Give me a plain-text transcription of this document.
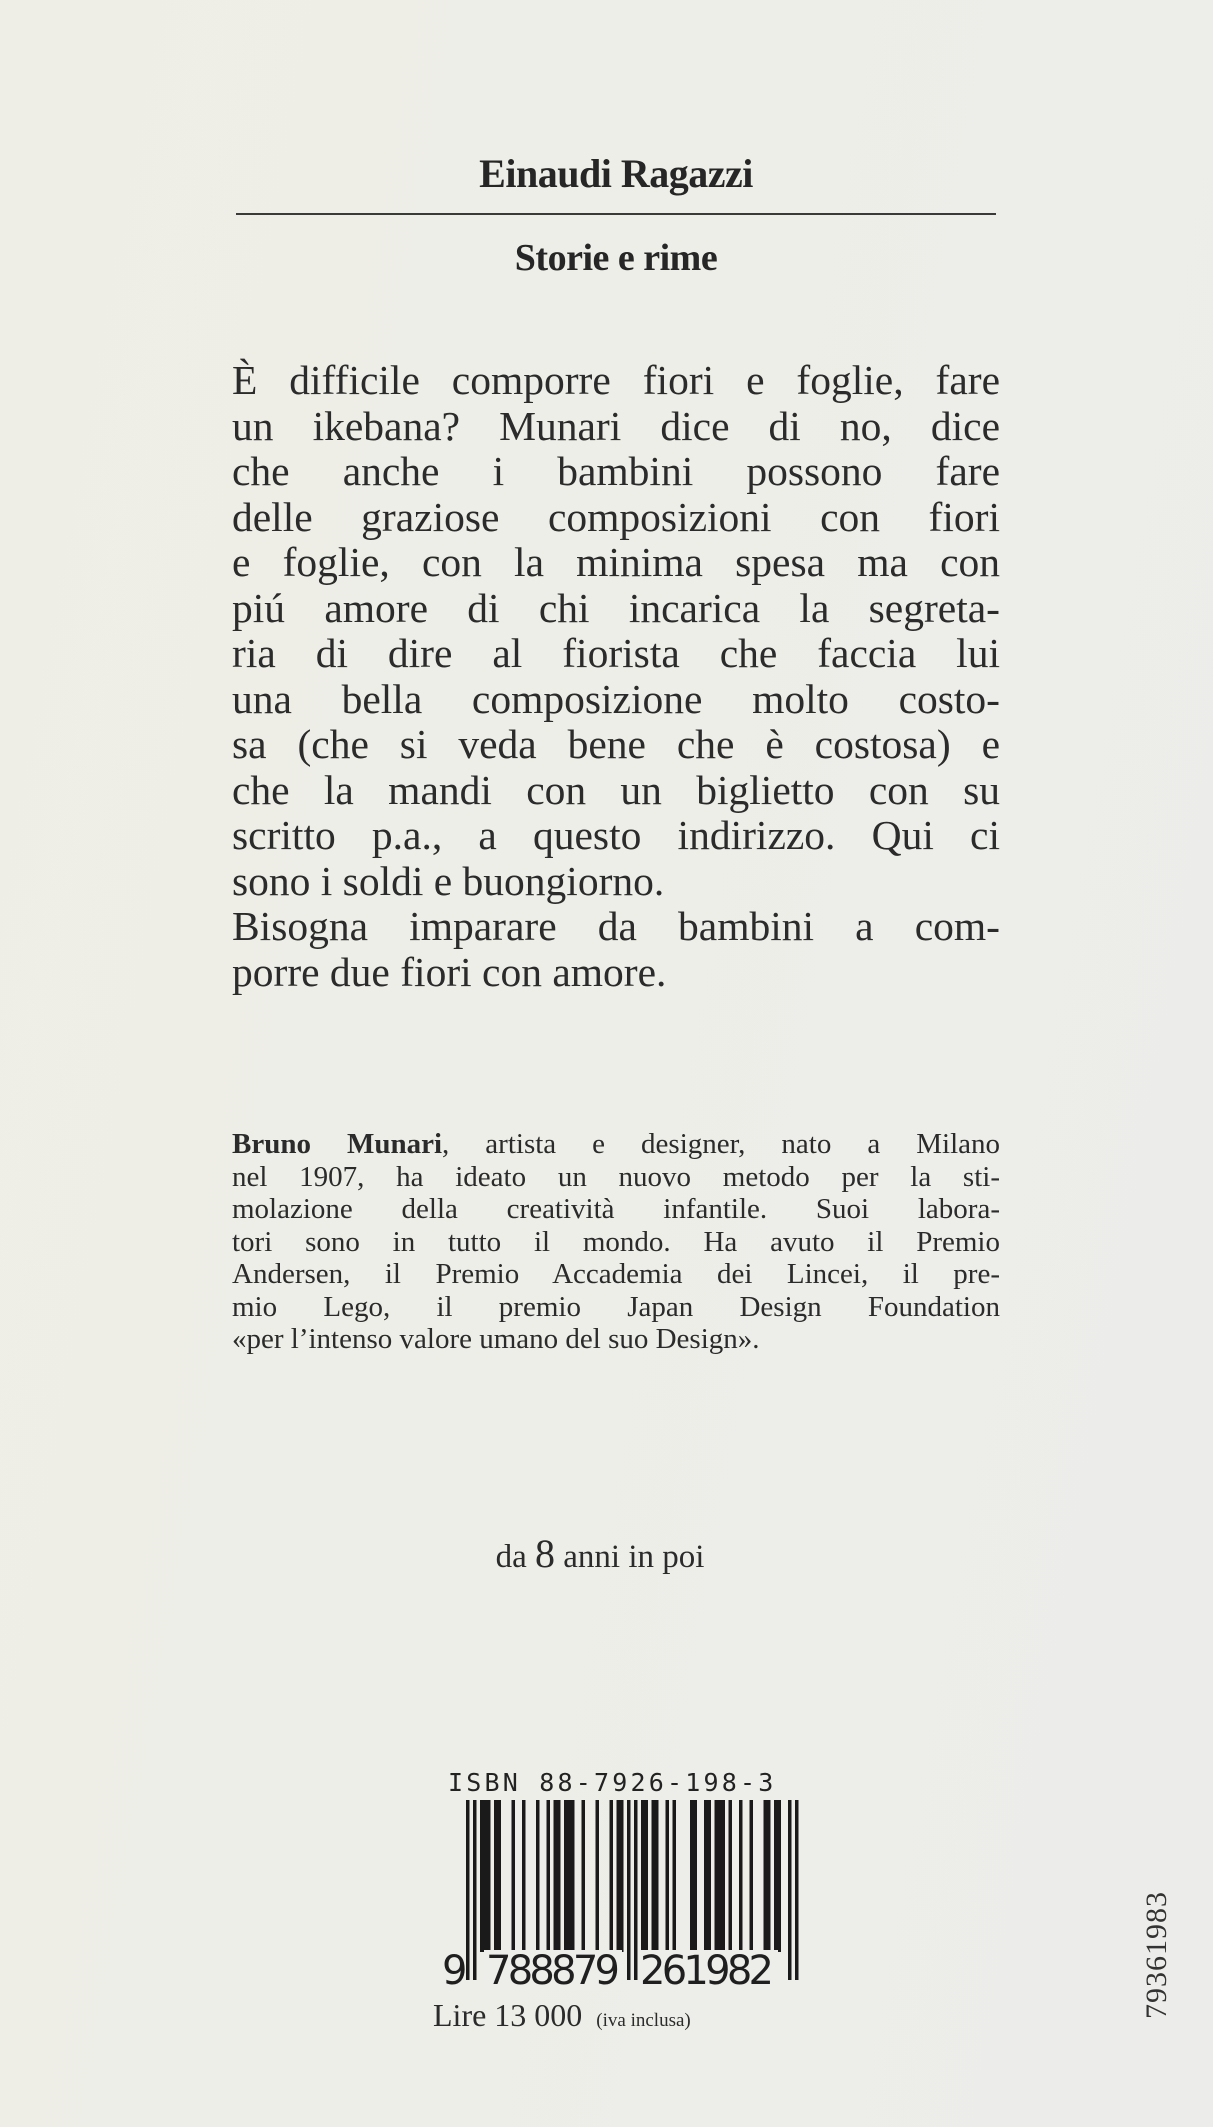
Einaudi Ragazzi
Storie e rime
È difficile comporre fiori e foglie, fare
un ikebana? Munari dice di no, dice
che anche i bambini possono fare
delle graziose composizioni con fiori
e foglie, con la minima spesa ma con
piú amore di chi incarica la segreta-
ria di dire al fiorista che faccia lui
una bella composizione molto costo-
sa (che si veda bene che è costosa) e
che la mandi con un biglietto con su
scritto p.a., a questo indirizzo. Qui ci
sono i soldi e buongiorno.
Bisogna imparare da bambini a com-
porre due fiori con amore.
Bruno Munari, artista e designer, nato a Milano
nel 1907, ha ideato un nuovo metodo per la sti-
molazione della creatività infantile. Suoi labora-
tori sono in tutto il mondo. Ha avuto il Premio
Andersen, il Premio Accademia dei Lincei, il pre-
mio Lego, il premio Japan Design Foundation
«per l’intenso valore umano del suo Design».
da 8 anni in poi
ISBN 88-7926-198-3
9 788879 261982
Lire 13 000 (iva inclusa)
79361983
